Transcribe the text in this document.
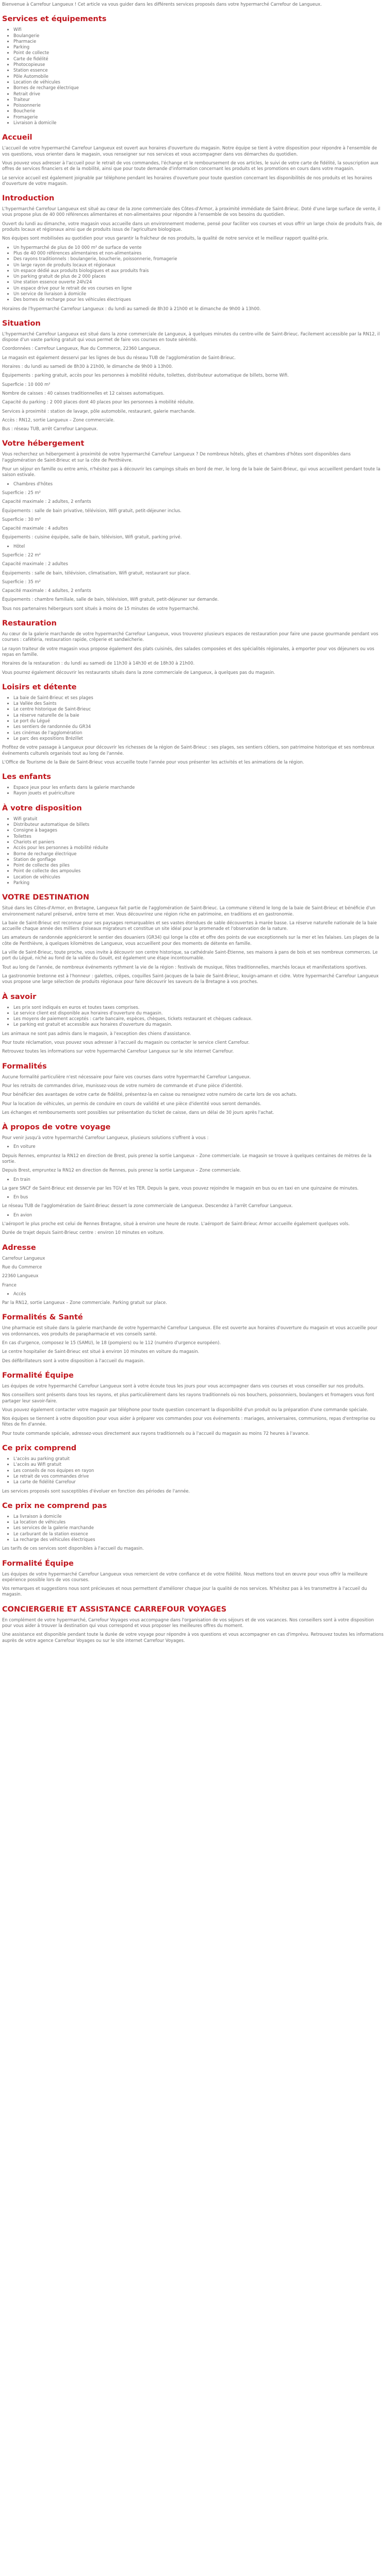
Bienvenue à Carrefour Langueux ! Cet article va vous guider dans les différents services proposés dans votre hypermarché Carrefour de Langueux.

Services et équipements
• Wifi
• Boulangerie
• Pharmacie
• Parking
• Point de collecte
• Carte de fidélité
• Photocopieuse
• Station essence
• Pôle Automobile
• Location de véhicules
• Bornes de recharge électrique
• Retrait drive
• Traiteur
• Poissonnerie
• Boucherie
• Fromagerie
• Livraison à domicile
Accueil

L'accueil de votre hypermarché Carrefour Langueux est ouvert aux horaires d'ouverture du magasin. Notre équipe se tient à votre disposition pour répondre à l'ensemble de vos questions, vous orienter dans le magasin, vous renseigner sur nos services et vous accompagner dans vos démarches du quotidien.

Vous pouvez vous adresser à l'accueil pour le retrait de vos commandes, l'échange et le remboursement de vos articles, le suivi de votre carte de fidélité, la souscription aux offres de services financiers et de la mobilité, ainsi que pour toute demande d'information concernant les produits et les promotions en cours dans votre magasin.

Le service accueil est également joignable par téléphone pendant les horaires d'ouverture pour toute question concernant les disponibilités de nos produits et les horaires d'ouverture de votre magasin.

Introduction

L'hypermarché Carrefour Langueux est situé au cœur de la zone commerciale des Côtes-d'Armor, à proximité immédiate de Saint-Brieuc. Doté d'une large surface de vente, il vous propose plus de 40 000 références alimentaires et non-alimentaires pour répondre à l'ensemble de vos besoins du quotidien.

Ouvert du lundi au dimanche, votre magasin vous accueille dans un environnement moderne, pensé pour faciliter vos courses et vous offrir un large choix de produits frais, de produits locaux et régionaux ainsi que de produits issus de l'agriculture biologique.

Nos équipes sont mobilisées au quotidien pour vous garantir la fraîcheur de nos produits, la qualité de notre service et le meilleur rapport qualité-prix.

• Un hypermarché de plus de 10 000 m² de surface de vente
• Plus de 40 000 références alimentaires et non-alimentaires
• Des rayons traditionnels : boulangerie, boucherie, poissonnerie, fromagerie
• Un large rayon de produits locaux et régionaux
• Un espace dédié aux produits biologiques et aux produits frais
• Un parking gratuit de plus de 2 000 places
• Une station essence ouverte 24h/24
• Un espace drive pour le retrait de vos courses en ligne
• Un service de livraison à domicile
• Des bornes de recharge pour les véhicules électriques

Horaires de l'hypermarché Carrefour Langueux : du lundi au samedi de 8h30 à 21h00 et le dimanche de 9h00 à 13h00.

Situation

L'hypermarché Carrefour Langueux est situé dans la zone commerciale de Langueux, à quelques minutes du centre-ville de Saint-Brieuc. Facilement accessible par la RN12, il dispose d'un vaste parking gratuit qui vous permet de faire vos courses en toute sérénité.

Coordonnées : Carrefour Langueux, Rue du Commerce, 22360 Langueux.

Le magasin est également desservi par les lignes de bus du réseau TUB de l'agglomération de Saint-Brieuc.

Horaires : du lundi au samedi de 8h30 à 21h00, le dimanche de 9h00 à 13h00.

Équipements : parking gratuit, accès pour les personnes à mobilité réduite, toilettes, distributeur automatique de billets, borne Wifi.

Superficie : 10 000 m²

Nombre de caisses : 40 caisses traditionnelles et 12 caisses automatiques.

Capacité du parking : 2 000 places dont 40 places pour les personnes à mobilité réduite.

Services à proximité : station de lavage, pôle automobile, restaurant, galerie marchande.

Accès : RN12, sortie Langueux – Zone commerciale.

Bus : réseau TUB, arrêt Carrefour Langueux.

Votre hébergement

Vous recherchez un hébergement à proximité de votre hypermarché Carrefour Langueux ? De nombreux hôtels, gîtes et chambres d'hôtes sont disponibles dans l'agglomération de Saint-Brieuc et sur la côte de Penthièvre.

Pour un séjour en famille ou entre amis, n'hésitez pas à découvrir les campings situés en bord de mer, le long de la baie de Saint-Brieuc, qui vous accueillent pendant toute la saison estivale.

• Chambres d'hôtes

Superficie : 25 m²

Capacité maximale : 2 adultes, 2 enfants

Équipements : salle de bain privative, télévision, Wifi gratuit, petit-déjeuner inclus.

Superficie : 30 m²

Capacité maximale : 4 adultes

Équipements : cuisine équipée, salle de bain, télévision, Wifi gratuit, parking privé.

• Hôtel

Superficie : 22 m²

Capacité maximale : 2 adultes

Équipements : salle de bain, télévision, climatisation, Wifi gratuit, restaurant sur place.

Superficie : 35 m²

Capacité maximale : 4 adultes, 2 enfants

Équipements : chambre familiale, salle de bain, télévision, Wifi gratuit, petit-déjeuner sur demande.

Tous nos partenaires hébergeurs sont situés à moins de 15 minutes de votre hypermarché.

Restauration

Au cœur de la galerie marchande de votre hypermarché Carrefour Langueux, vous trouverez plusieurs espaces de restauration pour faire une pause gourmande pendant vos courses : cafétéria, restauration rapide, crêperie et sandwicherie.

Le rayon traiteur de votre magasin vous propose également des plats cuisinés, des salades composées et des spécialités régionales, à emporter pour vos déjeuners ou vos repas en famille.

Horaires de la restauration : du lundi au samedi de 11h30 à 14h30 et de 18h30 à 21h00.

Vous pourrez également découvrir les restaurants situés dans la zone commerciale de Langueux, à quelques pas du magasin.

Loisirs et détente
• La baie de Saint-Brieuc et ses plages
• La Vallée des Saints
• Le centre historique de Saint-Brieuc
• La réserve naturelle de la baie
• Le port du Légué
• Les sentiers de randonnée du GR34
• Les cinémas de l'agglomération
• Le parc des expositions Brézillet

Profitez de votre passage à Langueux pour découvrir les richesses de la région de Saint-Brieuc : ses plages, ses sentiers côtiers, son patrimoine historique et ses nombreux événements culturels organisés tout au long de l'année.

L'Office de Tourisme de la Baie de Saint-Brieuc vous accueille toute l'année pour vous présenter les activités et les animations de la région.

Les enfants
• Espace jeux pour les enfants dans la galerie marchande
• Rayon jouets et puériculture
À votre disposition
• Wifi gratuit
• Distributeur automatique de billets
• Consigne à bagages
• Toilettes
• Chariots et paniers
• Accès pour les personnes à mobilité réduite
• Borne de recharge électrique
• Station de gonflage
• Point de collecte des piles
• Point de collecte des ampoules
• Location de véhicules
• Parking
VOTRE DESTINATION

Situé dans les Côtes-d'Armor, en Bretagne, Langueux fait partie de l'agglomération de Saint-Brieuc. La commune s'étend le long de la baie de Saint-Brieuc et bénéficie d'un environnement naturel préservé, entre terre et mer. Vous découvrirez une région riche en patrimoine, en traditions et en gastronomie.

La baie de Saint-Brieuc est reconnue pour ses paysages remarquables et ses vastes étendues de sable découvertes à marée basse. La réserve naturelle nationale de la baie accueille chaque année des milliers d'oiseaux migrateurs et constitue un site idéal pour la promenade et l'observation de la nature.

Les amateurs de randonnée apprécieront le sentier des douaniers (GR34) qui longe la côte et offre des points de vue exceptionnels sur la mer et les falaises. Les plages de la côte de Penthièvre, à quelques kilomètres de Langueux, vous accueillent pour des moments de détente en famille.

La ville de Saint-Brieuc, toute proche, vous invite à découvrir son centre historique, sa cathédrale Saint-Étienne, ses maisons à pans de bois et ses nombreux commerces. Le port du Légué, niché au fond de la vallée du Gouët, est également une étape incontournable.

Tout au long de l'année, de nombreux événements rythment la vie de la région : festivals de musique, fêtes traditionnelles, marchés locaux et manifestations sportives.

La gastronomie bretonne est à l'honneur : galettes, crêpes, coquilles Saint-Jacques de la baie de Saint-Brieuc, kouign-amann et cidre. Votre hypermarché Carrefour Langueux vous propose une large sélection de produits régionaux pour faire découvrir les saveurs de la Bretagne à vos proches.

À savoir
• Les prix sont indiqués en euros et toutes taxes comprises.
• Le service client est disponible aux horaires d'ouverture du magasin.
• Les moyens de paiement acceptés : carte bancaire, espèces, chèques, tickets restaurant et chèques cadeaux.
• Le parking est gratuit et accessible aux horaires d'ouverture du magasin.

Les animaux ne sont pas admis dans le magasin, à l'exception des chiens d'assistance.

Pour toute réclamation, vous pouvez vous adresser à l'accueil du magasin ou contacter le service client Carrefour.

Retrouvez toutes les informations sur votre hypermarché Carrefour Langueux sur le site internet Carrefour.

Formalités

Aucune formalité particulière n'est nécessaire pour faire vos courses dans votre hypermarché Carrefour Langueux.

Pour les retraits de commandes drive, munissez-vous de votre numéro de commande et d'une pièce d'identité.

Pour bénéficier des avantages de votre carte de fidélité, présentez-la en caisse ou renseignez votre numéro de carte lors de vos achats.

Pour la location de véhicules, un permis de conduire en cours de validité et une pièce d'identité vous seront demandés.

Les échanges et remboursements sont possibles sur présentation du ticket de caisse, dans un délai de 30 jours après l'achat.

À propos de votre voyage

Pour venir jusqu'à votre hypermarché Carrefour Langueux, plusieurs solutions s'offrent à vous :

• En voiture

Depuis Rennes, empruntez la RN12 en direction de Brest, puis prenez la sortie Langueux – Zone commerciale. Le magasin se trouve à quelques centaines de mètres de la sortie.

Depuis Brest, empruntez la RN12 en direction de Rennes, puis prenez la sortie Langueux – Zone commerciale.

• En train

La gare SNCF de Saint-Brieuc est desservie par les TGV et les TER. Depuis la gare, vous pouvez rejoindre le magasin en bus ou en taxi en une quinzaine de minutes.

• En bus

Le réseau TUB de l'agglomération de Saint-Brieuc dessert la zone commerciale de Langueux. Descendez à l'arrêt Carrefour Langueux.

• En avion

L'aéroport le plus proche est celui de Rennes Bretagne, situé à environ une heure de route. L'aéroport de Saint-Brieuc Armor accueille également quelques vols.

Durée de trajet depuis Saint-Brieuc centre : environ 10 minutes en voiture.

Adresse

Carrefour Langueux

Rue du Commerce

22360 Langueux

France

• Accès

Par la RN12, sortie Langueux – Zone commerciale. Parking gratuit sur place.

Formalités & Santé

Une pharmacie est située dans la galerie marchande de votre hypermarché Carrefour Langueux. Elle est ouverte aux horaires d'ouverture du magasin et vous accueille pour vos ordonnances, vos produits de parapharmacie et vos conseils santé.

En cas d'urgence, composez le 15 (SAMU), le 18 (pompiers) ou le 112 (numéro d'urgence européen).

Le centre hospitalier de Saint-Brieuc est situé à environ 10 minutes en voiture du magasin.

Des défibrillateurs sont à votre disposition à l'accueil du magasin.

Formalité Équipe

Les équipes de votre hypermarché Carrefour Langueux sont à votre écoute tous les jours pour vous accompagner dans vos courses et vous conseiller sur nos produits.

Nos conseillers sont présents dans tous les rayons, et plus particulièrement dans les rayons traditionnels où nos bouchers, poissonniers, boulangers et fromagers vous font partager leur savoir-faire.

Vous pouvez également contacter votre magasin par téléphone pour toute question concernant la disponibilité d'un produit ou la préparation d'une commande spéciale.

Nos équipes se tiennent à votre disposition pour vous aider à préparer vos commandes pour vos événements : mariages, anniversaires, communions, repas d'entreprise ou fêtes de fin d'année.

Pour toute commande spéciale, adressez-vous directement aux rayons traditionnels ou à l'accueil du magasin au moins 72 heures à l'avance.

Ce prix comprend
• L'accès au parking gratuit
• L'accès au Wifi gratuit
• Les conseils de nos équipes en rayon
• Le retrait de vos commandes drive
• La carte de fidélité Carrefour

Les services proposés sont susceptibles d'évoluer en fonction des périodes de l'année.

Ce prix ne comprend pas
• La livraison à domicile
• La location de véhicules
• Les services de la galerie marchande
• Le carburant de la station essence
• La recharge des véhicules électriques

Les tarifs de ces services sont disponibles à l'accueil du magasin.

Formalité Équipe

Les équipes de votre hypermarché Carrefour Langueux vous remercient de votre confiance et de votre fidélité. Nous mettons tout en œuvre pour vous offrir la meilleure expérience possible lors de vos courses.

Vos remarques et suggestions nous sont précieuses et nous permettent d'améliorer chaque jour la qualité de nos services. N'hésitez pas à les transmettre à l'accueil du magasin.

CONCIERGERIE ET ASSISTANCE CARREFOUR VOYAGES

En complément de votre hypermarché, Carrefour Voyages vous accompagne dans l'organisation de vos séjours et de vos vacances. Nos conseillers sont à votre disposition pour vous aider à trouver la destination qui vous correspond et vous proposer les meilleures offres du moment.

Une assistance est disponible pendant toute la durée de votre voyage pour répondre à vos questions et vous accompagner en cas d'imprévu. Retrouvez toutes les informations auprès de votre agence Carrefour Voyages ou sur le site internet Carrefour Voyages.
